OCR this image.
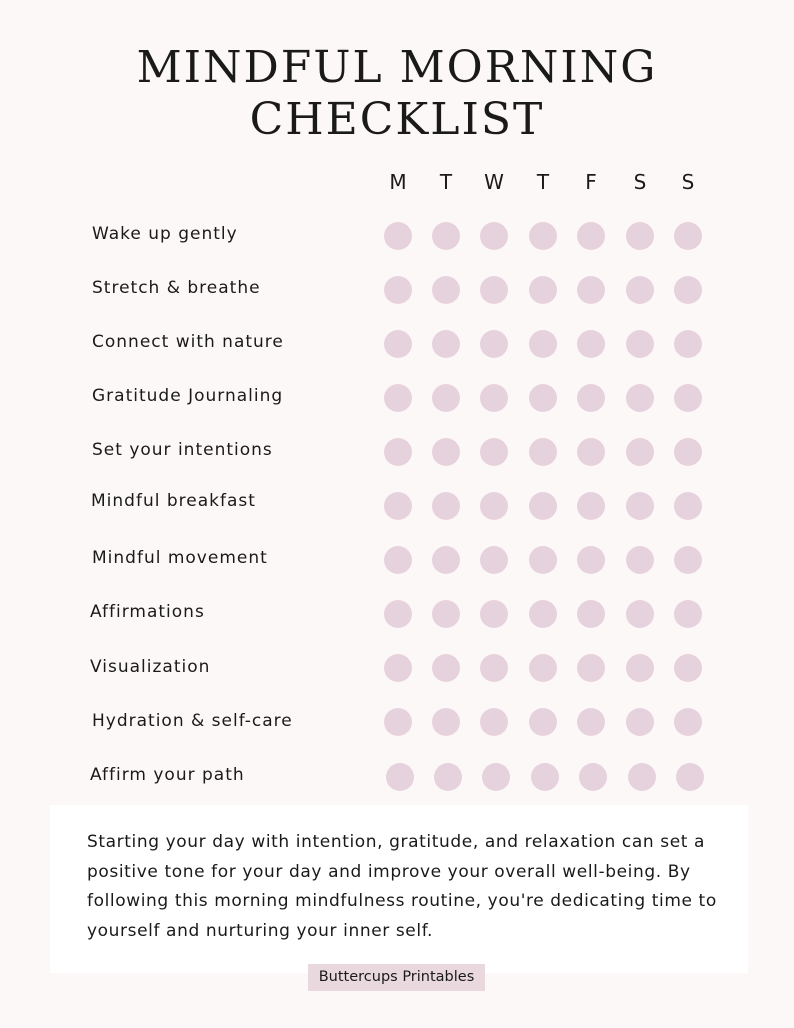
MINDFUL MORNING
CHECKLIST
M	T	W	T	F	S	S
Wake up gently
Stretch & breathe
Connect with nature
Gratitude Journaling
Set your intentions
Mindful breakfast
Mindful movement
Affirmations
Visualization
Hydration & self-care
Affirm your path

Starting your day with intention, gratitude, and relaxation can set a positive tone for your day and improve your overall well-being. By following this morning mindfulness routine, you're dedicating time to yourself and nurturing your inner self.

Buttercups Printables
